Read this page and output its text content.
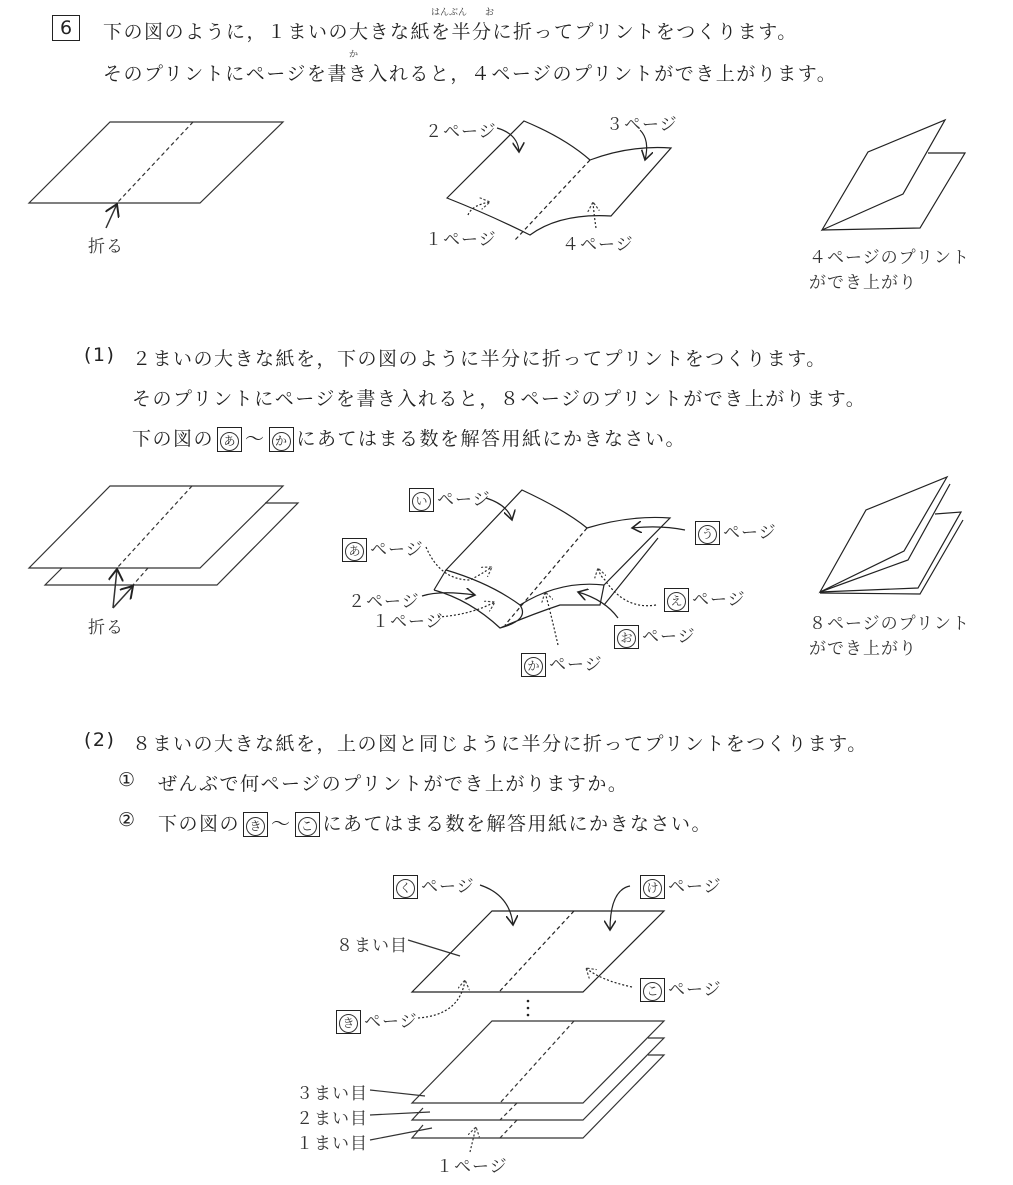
6
はんぶん お
下の図のように，１まいの大きな紙を半分に折ってプリントをつくります。
か
そのプリントにページを書き入れると，４ページのプリントができ上がります。
折る
２ページ	３ページ
１ページ	４ページ
４ページのプリント
ができ上がり
(1) ２まいの大きな紙を，下の図のように半分に折ってプリントをつくります。
そのプリントにページを書き入れると，８ページのプリントができ上がります。
下の図の あ ～ か にあてはまる数を解答用紙にかきなさい。
折る
い ページ
あ ページ
う ページ
２ページ
１ページ
え ページ
お ページ
か ページ
８ページのプリント
ができ上がり
(2) ８まいの大きな紙を，上の図と同じように半分に折ってプリントをつくります。
① ぜんぶで何ページのプリントができ上がりますか。
② 下の図の き ～ こ にあてはまる数を解答用紙にかきなさい。
く ページ	け ページ
８まい目
こ ページ
き ページ
３まい目
２まい目
１まい目
１ページ
